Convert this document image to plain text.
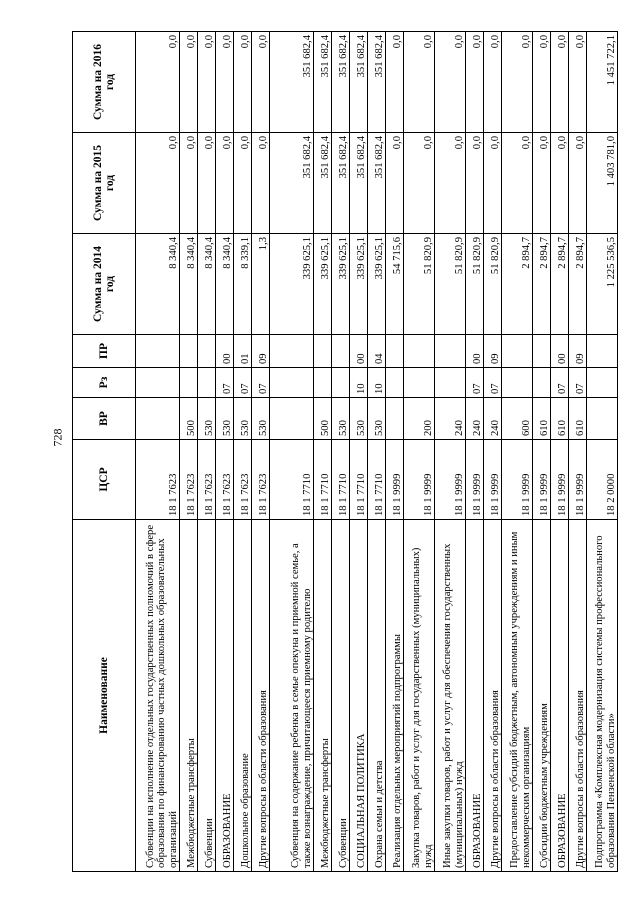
728
Наименование	ЦСР	ВР	Рз	ПР	Сумма на 2014 год	Сумма на 2015 год	Сумма на 2016 год
Субвенции на исполнение отдельных государственных полномочий в сфере образования по финансированию частных дошкольных образовательных организаций	18 1 7623				8 340,4	0,0	0,0
Межбюджетные трансферты	18 1 7623	500			8 340,4	0,0	0,0
Субвенции	18 1 7623	530			8 340,4	0,0	0,0
ОБРАЗОВАНИЕ	18 1 7623	530	07	00	8 340,4	0,0	0,0
Дошкольное образование	18 1 7623	530	07	01	8 339,1	0,0	0,0
Другие вопросы в области образования	18 1 7623	530	07	09	1,3	0,0	0,0
Субвенция на содержание ребенка в семье опекуна и приемной семье, а также вознаграждение, причитающееся приемному родителю	18 1 7710				339 625,1	351 682,4	351 682,4
Межбюджетные трансферты	18 1 7710	500			339 625,1	351 682,4	351 682,4
Субвенции	18 1 7710	530			339 625,1	351 682,4	351 682,4
СОЦИАЛЬНАЯ ПОЛИТИКА	18 1 7710	530	10	00	339 625,1	351 682,4	351 682,4
Охрана семьи и детства	18 1 7710	530	10	04	339 625,1	351 682,4	351 682,4
Реализация отдельных мероприятий подпрограммы	18 1 9999				54 715,6	0,0	0,0
Закупка товаров, работ и услуг для государственных (муниципальных) нужд	18 1 9999	200			51 820,9	0,0	0,0
Иные закупки товаров, работ и услуг для обеспечения государственных (муниципальных) нужд	18 1 9999	240			51 820,9	0,0	0,0
ОБРАЗОВАНИЕ	18 1 9999	240	07	00	51 820,9	0,0	0,0
Другие вопросы в области образования	18 1 9999	240	07	09	51 820,9	0,0	0,0
Предоставление субсидий бюджетным, автономным учреждениям и иным некоммерческим организациям	18 1 9999	600			2 894,7	0,0	0,0
Субсидии бюджетным учреждениям	18 1 9999	610			2 894,7	0,0	0,0
ОБРАЗОВАНИЕ	18 1 9999	610	07	00	2 894,7	0,0	0,0
Другие вопросы в области образования	18 1 9999	610	07	09	2 894,7	0,0	0,0
Подпрограмма «Комплексная модернизация системы профессионального образования Пензенской области»	18 2 0000				1 225 536,5	1 403 781,0	1 451 722,1
